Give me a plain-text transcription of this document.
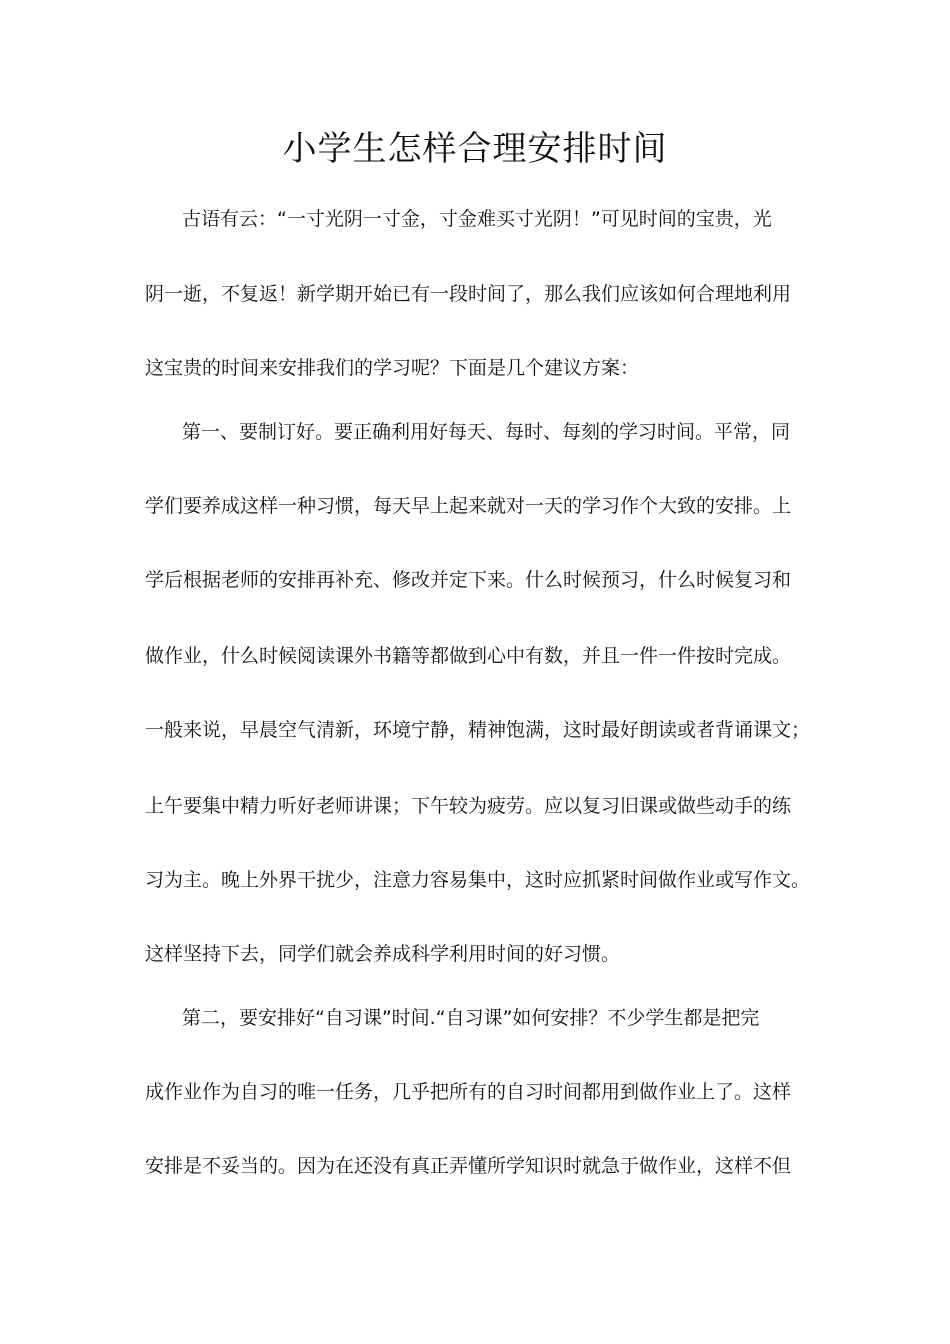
小学生怎样合理安排时间
古语有云：“一寸光阴一寸金，寸金难买寸光阴！”可见时间的宝贵，光
阴一逝，不复返！新学期开始已有一段时间了，那么我们应该如何合理地利用
这宝贵的时间来安排我们的学习呢？下面是几个建议方案：
第一、要制订好。要正确利用好每天、每时、每刻的学习时间。平常，同
学们要养成这样一种习惯，每天早上起来就对一天的学习作个大致的安排。上
学后根据老师的安排再补充、修改并定下来。什么时候预习，什么时候复习和
做作业，什么时候阅读课外书籍等都做到心中有数，并且一件一件按时完成。
一般来说，早晨空气清新，环境宁静，精神饱满，这时最好朗读或者背诵课文；
上午要集中精力听好老师讲课；下午较为疲劳。应以复习旧课或做些动手的练
习为主。晚上外界干扰少，注意力容易集中，这时应抓紧时间做作业或写作文。
这样坚持下去，同学们就会养成科学利用时间的好习惯。
第二，要安排好“自习课”时间.“自习课”如何安排？不少学生都是把完
成作业作为自习的唯一任务，几乎把所有的自习时间都用到做作业上了。这样
安排是不妥当的。因为在还没有真正弄懂所学知识时就急于做作业，这样不但
